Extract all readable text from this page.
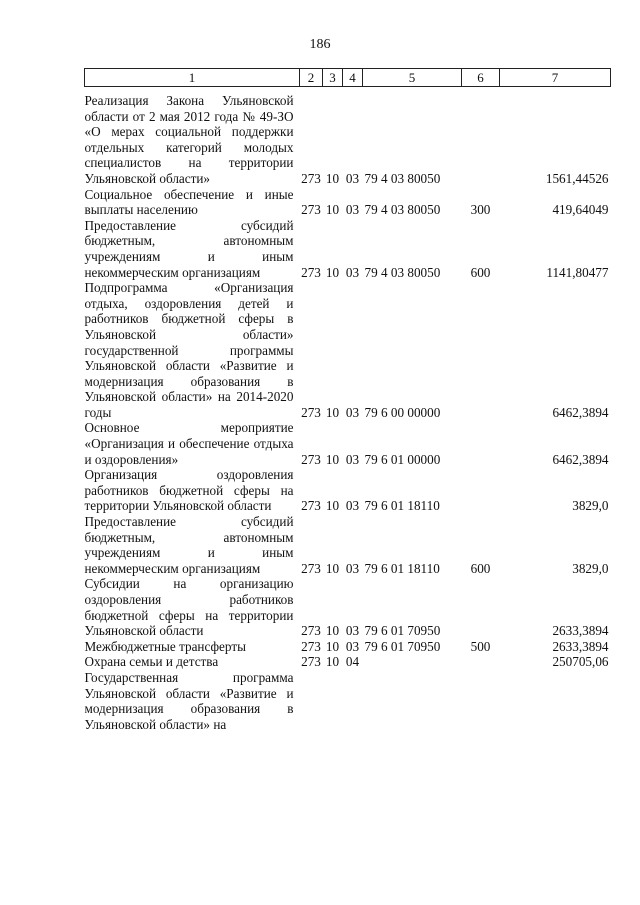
186
1	2	3	4	5	6	7

Реализация Закона Ульяновской области от 2 мая 2012 года № 49-ЗО «О мерах социальной поддержки отдельных категорий молодых специалистов на территории Ульяновской области»	273	10	03	79 4 03 80050		1561,44526
Социальное обеспечение и иные выплаты населению	273	10	03	79 4 03 80050	300	419,64049
Предоставление субсидий бюджетным, автономным учреждениям и иным некоммерческим организациям	273	10	03	79 4 03 80050	600	1141,80477
Подпрограмма «Организация отдыха, оздоровления детей и работников бюджетной сферы в Ульяновской области» государственной программы Ульяновской области «Развитие и модернизация образования в Ульяновской области» на 2014-2020 годы	273	10	03	79 6 00 00000		6462,3894
Основное мероприятие «Организация и обеспечение отдыха и оздоровления»	273	10	03	79 6 01 00000		6462,3894
Организация оздоровления работников бюджетной сферы на территории Ульяновской области	273	10	03	79 6 01 18110		3829,0
Предоставление субсидий бюджетным, автономным учреждениям и иным некоммерческим организациям	273	10	03	79 6 01 18110	600	3829,0
Субсидии на организацию оздоровления работников бюджетной сферы на территории Ульяновской области	273	10	03	79 6 01 70950		2633,3894
Межбюджетные трансферты	273	10	03	79 6 01 70950	500	2633,3894
Охрана семьи и детства	273	10	04			250705,06
Государственная программа Ульяновской области «Развитие и модернизация образования в Ульяновской области» на						
